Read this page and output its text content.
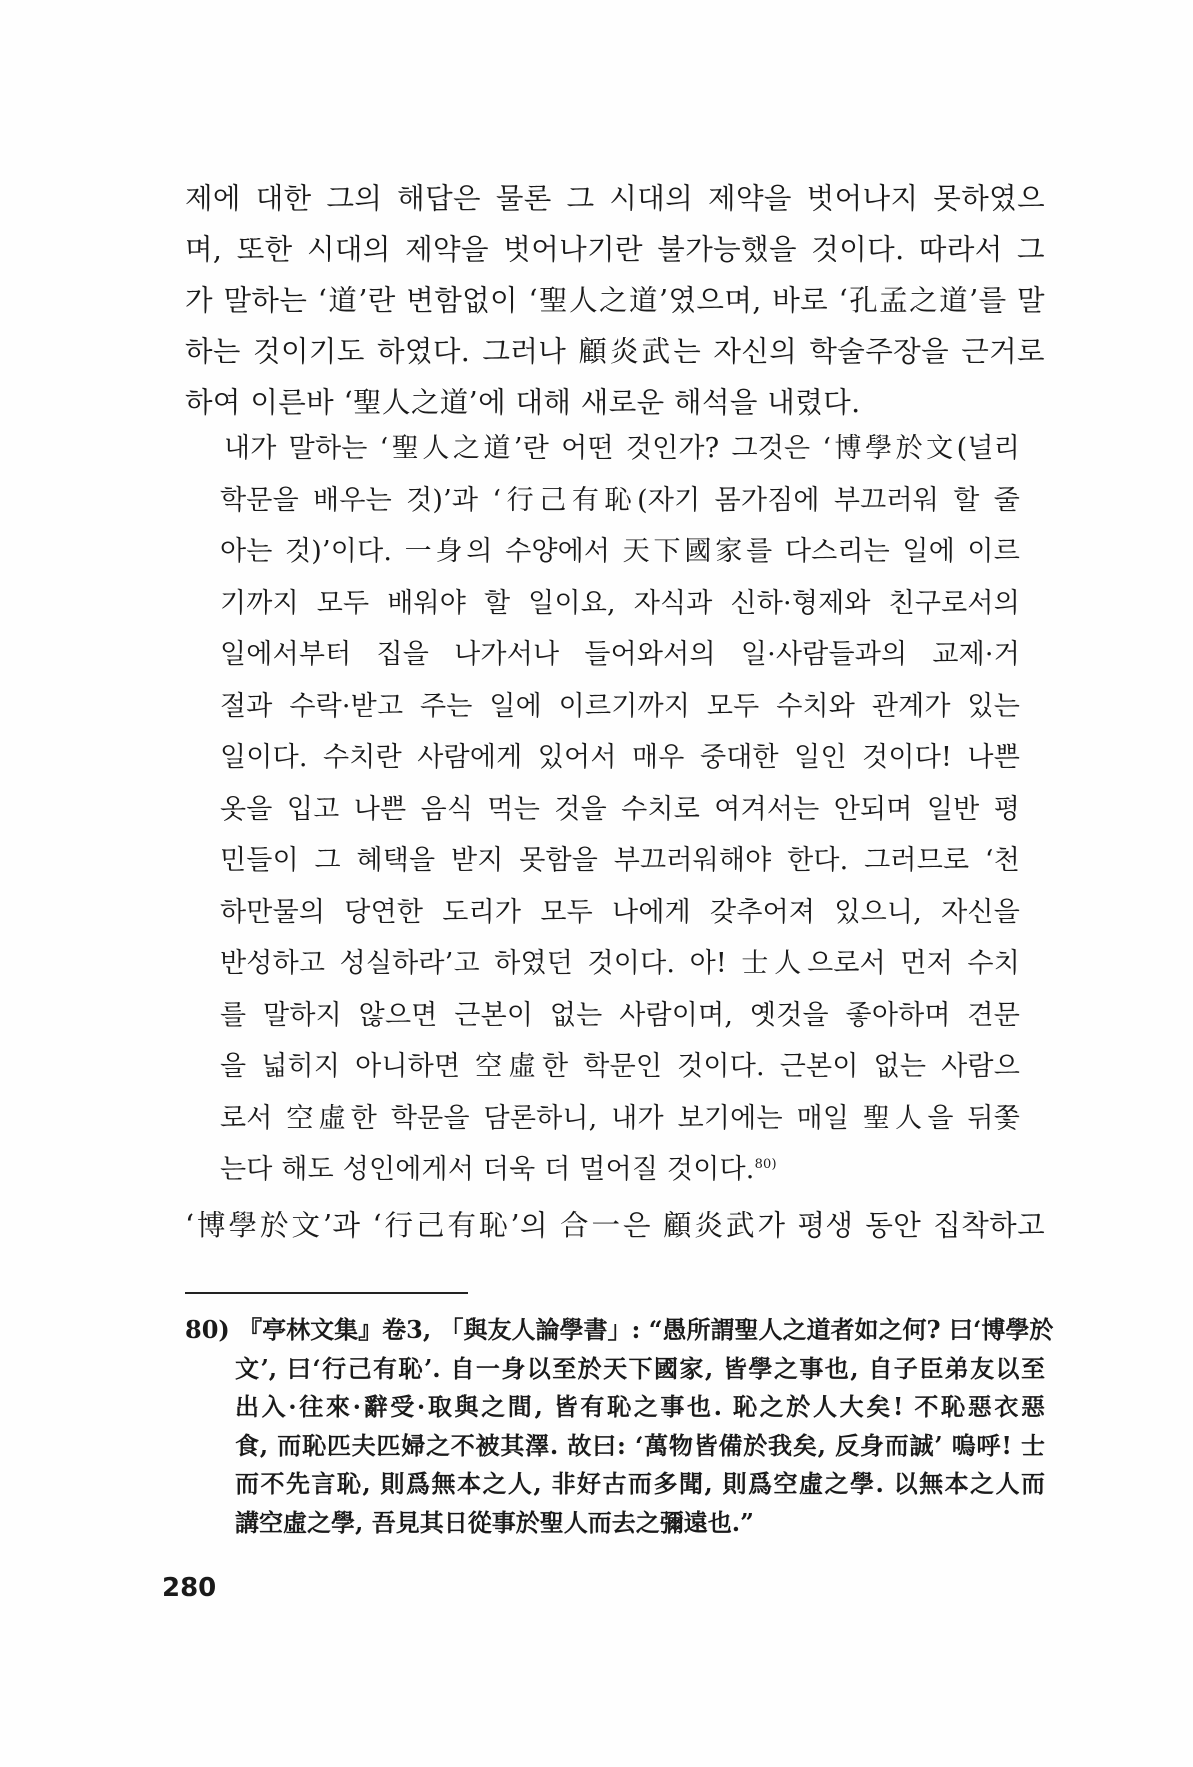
제에 대한 그의 해답은 물론 그 시대의 제약을 벗어나지 못하였으
며, 또한 시대의 제약을 벗어나기란 불가능했을 것이다. 따라서 그
가 말하는 ‘道’란 변함없이 ‘聖人之道’였으며, 바로 ‘孔孟之道’를 말
하는 것이기도 하였다. 그러나 顧炎武는 자신의 학술주장을 근거로
하여 이른바 ‘聖人之道’에 대해 새로운 해석을 내렸다.
내가 말하는 ‘聖人之道’란 어떤 것인가? 그것은 ‘博學於文(널리
학문을 배우는 것)’과 ‘行己有恥(자기 몸가짐에 부끄러워 할 줄
아는 것)’이다. 一身의 수양에서 天下國家를 다스리는 일에 이르
기까지 모두 배워야 할 일이요, 자식과 신하·형제와 친구로서의
일에서부터 집을 나가서나 들어와서의 일·사람들과의 교제·거
절과 수락·받고 주는 일에 이르기까지 모두 수치와 관계가 있는
일이다. 수치란 사람에게 있어서 매우 중대한 일인 것이다! 나쁜
옷을 입고 나쁜 음식 먹는 것을 수치로 여겨서는 안되며 일반 평
민들이 그 혜택을 받지 못함을 부끄러워해야 한다. 그러므로 ‘천
하만물의 당연한 도리가 모두 나에게 갖추어져 있으니, 자신을
반성하고 성실하라’고 하였던 것이다. 아! 士人으로서 먼저 수치
를 말하지 않으면 근본이 없는 사람이며, 옛것을 좋아하며 견문
을 넓히지 아니하면 空虛한 학문인 것이다. 근본이 없는 사람으
로서 空虛한 학문을 담론하니, 내가 보기에는 매일 聖人을 뒤쫓
는다 해도 성인에게서 더욱 더 멀어질 것이다.$^{80)}$
‘博學於文’과 ‘行己有恥’의 合一은 顧炎武가 평생 동안 집착하고
80) 『亭林文集』卷3, 「與友人論學書」: “愚所謂聖人之道者如之何? 曰‘博學於
文’, 曰‘行己有恥’. 自一身以至於天下國家, 皆學之事也, 自子臣弟友以至
出入·往來·辭受·取與之間, 皆有恥之事也. 恥之於人大矣! 不恥惡衣惡
食, 而恥匹夫匹婦之不被其澤. 故曰: ‘萬物皆備於我矣, 反身而誠’ 嗚呼! 士
而不先言恥, 則爲無本之人, 非好古而多聞, 則爲空虛之學. 以無本之人而
講空虛之學, 吾見其日從事於聖人而去之彌遠也.”
280
